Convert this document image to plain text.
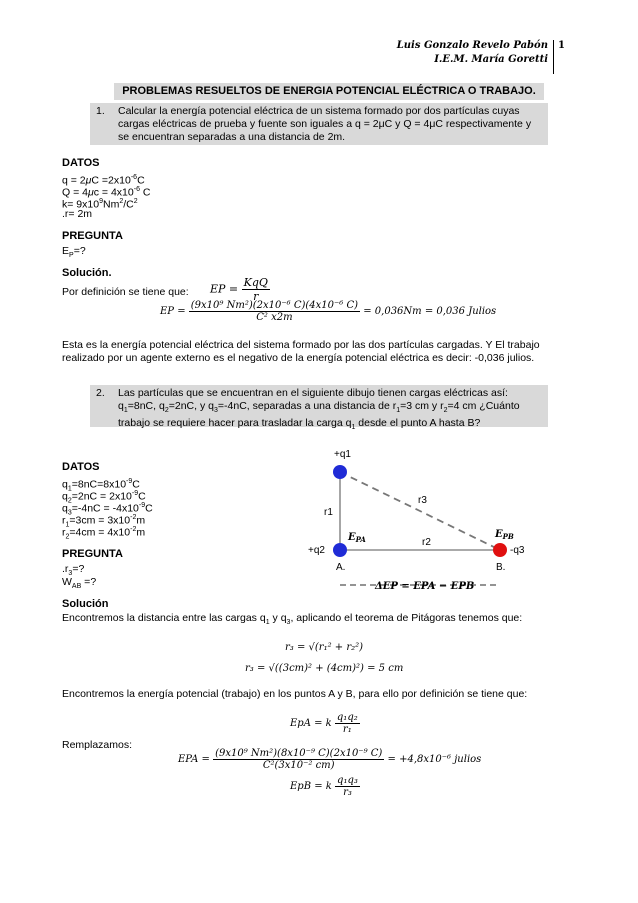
Luis Gonzalo Revelo Pabón
I.E.M. María Goretti
1
PROBLEMAS RESUELTOS DE ENERGIA POTENCIAL ELÉCTRICA O TRABAJO.
1. Calcular la energía potencial eléctrica de un sistema formado por dos partículas cuyas cargas eléctricas de prueba y fuente son iguales a q = 2μC y Q = 4μC respectivamente y se encuentran separadas a una distancia de 2m.
DATOS
$q = 2\mu C =2x10^{-6}C$
$Q = 4\mu c = 4x10^{-6}$ C
$k= 9x10^9Nm^2/C^2$
.r= 2m
PREGUNTA
$E_P=$?
Solución.
Por definición se tiene que: EP = $\frac{\text{KqQ}}{r}$
EP = $\frac{\text{(9x10⁹ Nm²)(2x10⁻⁶ C)(4x10⁻⁶ C)}}{\text{C² x2m}} = 0,036Nm = 0,036$ Julios
Esta es la energía potencial eléctrica del sistema formado por las dos partículas cargadas. Y El trabajo realizado por un agente externo es el negativo de la energía potencial eléctrica es decir: -0,036 julios.
2. Las partículas que se encuentran en el siguiente dibujo tienen cargas eléctricas así: $q_1=8nC$, $q_2=2nC$, y $q_3=-4nC$, separadas a una distancia de $r_1=3$ cm y $r_2=4$ cm ¿Cuánto trabajo se requiere hacer para trasladar la carga $q_1$ desde el punto A hasta B?
DATOS
$q_1=8nC=8x10^{-9}C$
$q_2=2nC = 2x10^{-9}C$
$q_3=-4nC = -4x10^{-9}C$
$r_1=3cm = 3x10^{-2}m$
$r_2=4cm = 4x10^{-2}m$
PREGUNTA
$.r_3=$?
$W_{AB}$ =?
+q1
+q2	-q3
r1
r2
r3
$E_{PA}$	$E_{PB}$
A.	B.
ΔEP = EPA − EPB
Solución
Encontremos la distancia entre las cargas $q_1$ y $q_3$, aplicando el teorema de Pitágoras tenemos que:
r₃ = √(r₁² + r₂²)
r₃ = √((3cm)² + (4cm)²) = 5 cm
Encontremos la energía potencial (trabajo) en los puntos A y B, para ello por definición se tiene que:
EpA = k $\frac{\text{q₁q₂}}{\text{r₁}}$
Remplazamos:
EPA = $\frac{\text{(9x10⁹ Nm²)(8x10⁻⁹ C)(2x10⁻⁹ C)}}{\text{C²(3x10⁻² cm)}} = +4,8x10^{-6}$ julios
EpB = k $\frac{\text{q₁q₃}}{\text{r₃}}$
